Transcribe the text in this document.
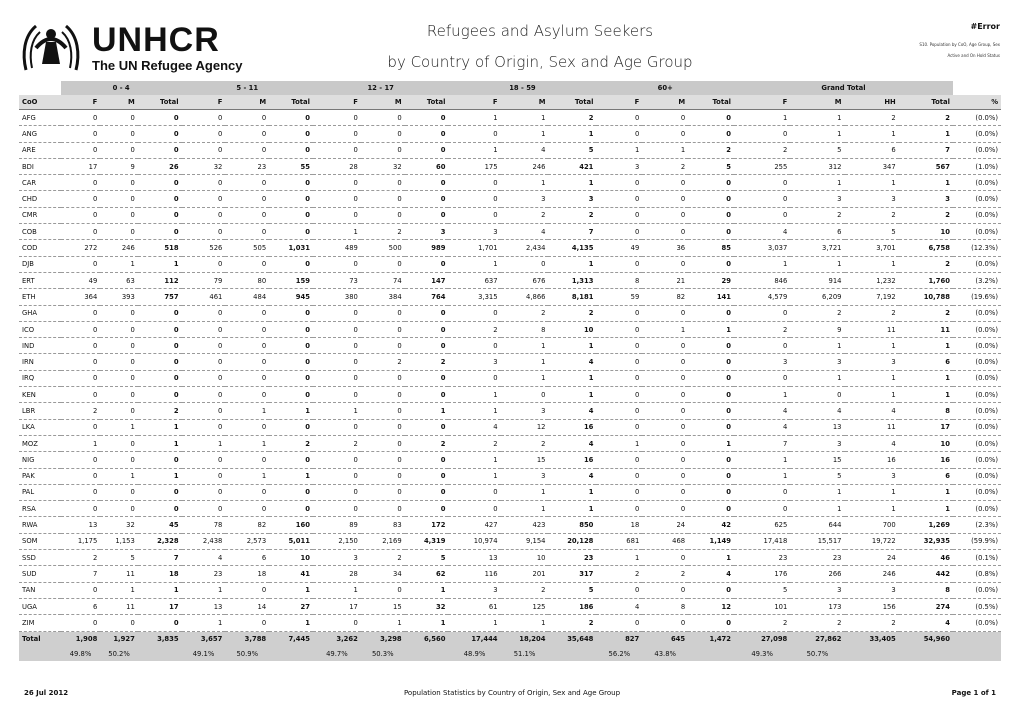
UNHCR
The UN Refugee Agency
Refugees and Asylum Seekers
by Country of Origin, Sex and Age Group
#Error
S10. Population by CoO, Age Group, Sex
Active and On Hold Status
	0 - 4			5 - 11			12 - 17			18 - 59			60+			Grand Total				
CoO	F	M	Total	F	M	Total	F	M	Total	F	M	Total	F	M	Total	F	M	HH	Total	%
AFG	0	0	0	0	0	0	0	0	0	1	1	2	0	0	0	1	1	2	2	(0.0%)
ANG	0	0	0	0	0	0	0	0	0	0	1	1	0	0	0	0	1	1	1	(0.0%)
ARE	0	0	0	0	0	0	0	0	0	1	4	5	1	1	2	2	5	6	7	(0.0%)
BDI	17	9	26	32	23	55	28	32	60	175	246	421	3	2	5	255	312	347	567	(1.0%)
CAR	0	0	0	0	0	0	0	0	0	0	1	1	0	0	0	0	1	1	1	(0.0%)
CHD	0	0	0	0	0	0	0	0	0	0	3	3	0	0	0	0	3	3	3	(0.0%)
CMR	0	0	0	0	0	0	0	0	0	0	2	2	0	0	0	0	2	2	2	(0.0%)
COB	0	0	0	0	0	0	1	2	3	3	4	7	0	0	0	4	6	5	10	(0.0%)
COD	272	246	518	526	505	1,031	489	500	989	1,701	2,434	4,135	49	36	85	3,037	3,721	3,701	6,758	(12.3%)
DJB	0	1	1	0	0	0	0	0	0	1	0	1	0	0	0	1	1	1	2	(0.0%)
ERT	49	63	112	79	80	159	73	74	147	637	676	1,313	8	21	29	846	914	1,232	1,760	(3.2%)
ETH	364	393	757	461	484	945	380	384	764	3,315	4,866	8,181	59	82	141	4,579	6,209	7,192	10,788	(19.6%)
GHA	0	0	0	0	0	0	0	0	0	0	2	2	0	0	0	0	2	2	2	(0.0%)
ICO	0	0	0	0	0	0	0	0	0	2	8	10	0	1	1	2	9	11	11	(0.0%)
IND	0	0	0	0	0	0	0	0	0	0	1	1	0	0	0	0	1	1	1	(0.0%)
IRN	0	0	0	0	0	0	0	2	2	3	1	4	0	0	0	3	3	3	6	(0.0%)
IRQ	0	0	0	0	0	0	0	0	0	0	1	1	0	0	0	0	1	1	1	(0.0%)
KEN	0	0	0	0	0	0	0	0	0	1	0	1	0	0	0	1	0	1	1	(0.0%)
LBR	2	0	2	0	1	1	1	0	1	1	3	4	0	0	0	4	4	4	8	(0.0%)
LKA	0	1	1	0	0	0	0	0	0	4	12	16	0	0	0	4	13	11	17	(0.0%)
MOZ	1	0	1	1	1	2	2	0	2	2	2	4	1	0	1	7	3	4	10	(0.0%)
NIG	0	0	0	0	0	0	0	0	0	1	15	16	0	0	0	1	15	16	16	(0.0%)
PAK	0	1	1	0	1	1	0	0	0	1	3	4	0	0	0	1	5	3	6	(0.0%)
PAL	0	0	0	0	0	0	0	0	0	0	1	1	0	0	0	0	1	1	1	(0.0%)
RSA	0	0	0	0	0	0	0	0	0	0	1	1	0	0	0	0	1	1	1	(0.0%)
RWA	13	32	45	78	82	160	89	83	172	427	423	850	18	24	42	625	644	700	1,269	(2.3%)
SOM	1,175	1,153	2,328	2,438	2,573	5,011	2,150	2,169	4,319	10,974	9,154	20,128	681	468	1,149	17,418	15,517	19,722	32,935	(59.9%)
SSD	2	5	7	4	6	10	3	2	5	13	10	23	1	0	1	23	23	24	46	(0.1%)
SUD	7	11	18	23	18	41	28	34	62	116	201	317	2	2	4	176	266	246	442	(0.8%)
TAN	0	1	1	1	0	1	1	0	1	3	2	5	0	0	0	5	3	3	8	(0.0%)
UGA	6	11	17	13	14	27	17	15	32	61	125	186	4	8	12	101	173	156	274	(0.5%)
ZIM	0	0	0	1	0	1	0	1	1	1	1	2	0	0	0	2	2	2	4	(0.0%)
Total	1,908	1,927	3,835	3,657	3,788	7,445	3,262	3,298	6,560	17,444	18,204	35,648	827	645	1,472	27,098	27,862	33,405	54,960	
	49.8%	50.2%		49.1%	50.9%		49.7%	50.3%		48.9%	51.1%		56.2%	43.8%		49.3%	50.7%			
26 Jul 2012	Population Statistics by Country of Origin, Sex and Age Group	Page 1 of 1
